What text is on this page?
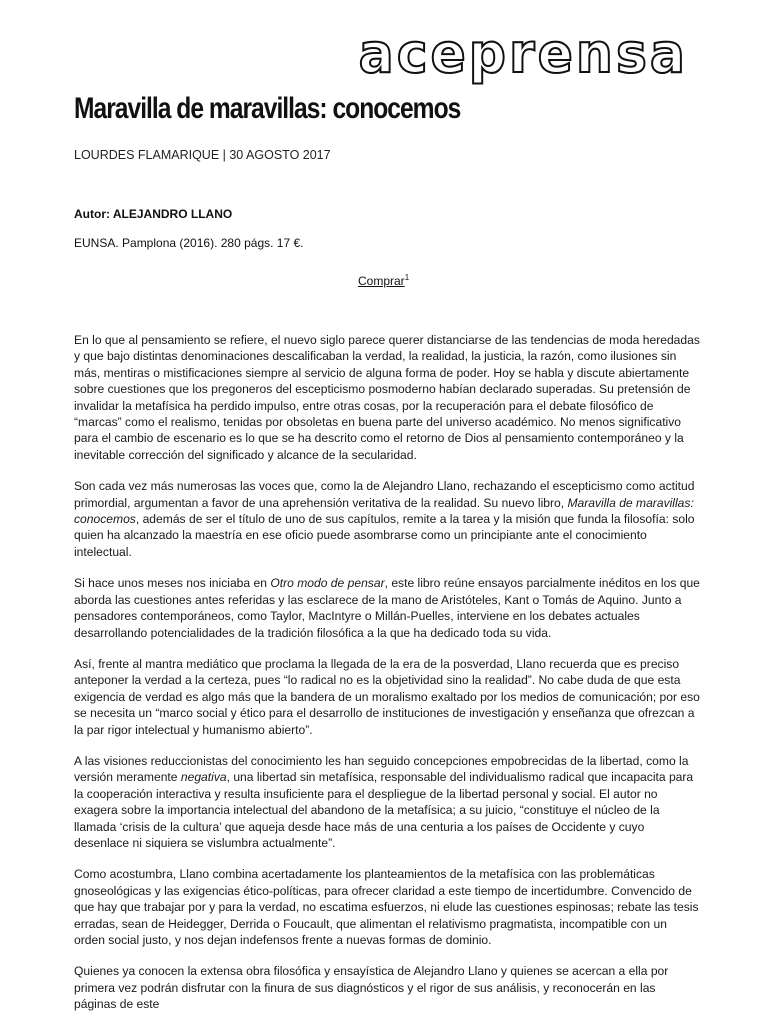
aceprensa
Maravilla de maravillas: conocemos
LOURDES FLAMARIQUE | 30 AGOSTO 2017
Autor: ALEJANDRO LLANO
EUNSA. Pamplona (2016). 280 págs. 17 €.
Comprar$^1$

En lo que al pensamiento se refiere, el nuevo siglo parece querer distanciarse de las tendencias de moda heredadas y que bajo distintas denominaciones descalificaban la verdad, la realidad, la justicia, la razón, como ilusiones sin más, mentiras o mistificaciones siempre al servicio de alguna forma de poder. Hoy se habla y discute abiertamente sobre cuestiones que los pregoneros del escepticismo posmoderno habían declarado superadas. Su pretensión de invalidar la metafísica ha perdido impulso, entre otras cosas, por la recuperación para el debate filosófico de “marcas” como el realismo, tenidas por obsoletas en buena parte del universo académico. No menos significativo para el cambio de escenario es lo que se ha descrito como el retorno de Dios al pensamiento contemporáneo y la inevitable corrección del significado y alcance de la secularidad.

Son cada vez más numerosas las voces que, como la de Alejandro Llano, rechazando el escepticismo como actitud primordial, argumentan a favor de una aprehensión veritativa de la realidad. Su nuevo libro, Maravilla de maravillas: conocemos, además de ser el título de uno de sus capítulos, remite a la tarea y la misión que funda la filosofía: solo quien ha alcanzado la maestría en ese oficio puede asombrarse como un principiante ante el conocimiento intelectual.

Si hace unos meses nos iniciaba en Otro modo de pensar, este libro reúne ensayos parcialmente inéditos en los que aborda las cuestiones antes referidas y las esclarece de la mano de Aristóteles, Kant o Tomás de Aquino. Junto a pensadores contemporáneos, como Taylor, MacIntyre o Millán-Puelles, interviene en los debates actuales desarrollando potencialidades de la tradición filosófica a la que ha dedicado toda su vida.

Así, frente al mantra mediático que proclama la llegada de la era de la posverdad, Llano recuerda que es preciso anteponer la verdad a la certeza, pues “lo radical no es la objetividad sino la realidad”. No cabe duda de que esta exigencia de verdad es algo más que la bandera de un moralismo exaltado por los medios de comunicación; por eso se necesita un “marco social y ético para el desarrollo de instituciones de investigación y enseñanza que ofrezcan a la par rigor intelectual y humanismo abierto”.

A las visiones reduccionistas del conocimiento les han seguido concepciones empobrecidas de la libertad, como la versión meramente negativa, una libertad sin metafísica, responsable del individualismo radical que incapacita para la cooperación interactiva y resulta insuficiente para el despliegue de la libertad personal y social. El autor no exagera sobre la importancia intelectual del abandono de la metafísica; a su juicio, “constituye el núcleo de la llamada ‘crisis de la cultura’ que aqueja desde hace más de una centuria a los países de Occidente y cuyo desenlace ni siquiera se vislumbra actualmente”.

Como acostumbra, Llano combina acertadamente los planteamientos de la metafísica con las problemáticas gnoseológicas y las exigencias ético-políticas, para ofrecer claridad a este tiempo de incertidumbre. Convencido de que hay que trabajar por y para la verdad, no escatima esfuerzos, ni elude las cuestiones espinosas; rebate las tesis erradas, sean de Heidegger, Derrida o Foucault, que alimentan el relativismo pragmatista, incompatible con un orden social justo, y nos dejan indefensos frente a nuevas formas de dominio.

Quienes ya conocen la extensa obra filosófica y ensayística de Alejandro Llano y quienes se acercan a ella por primera vez podrán disfrutar con la finura de sus diagnósticos y el rigor de sus análisis, y reconocerán en las páginas de este
